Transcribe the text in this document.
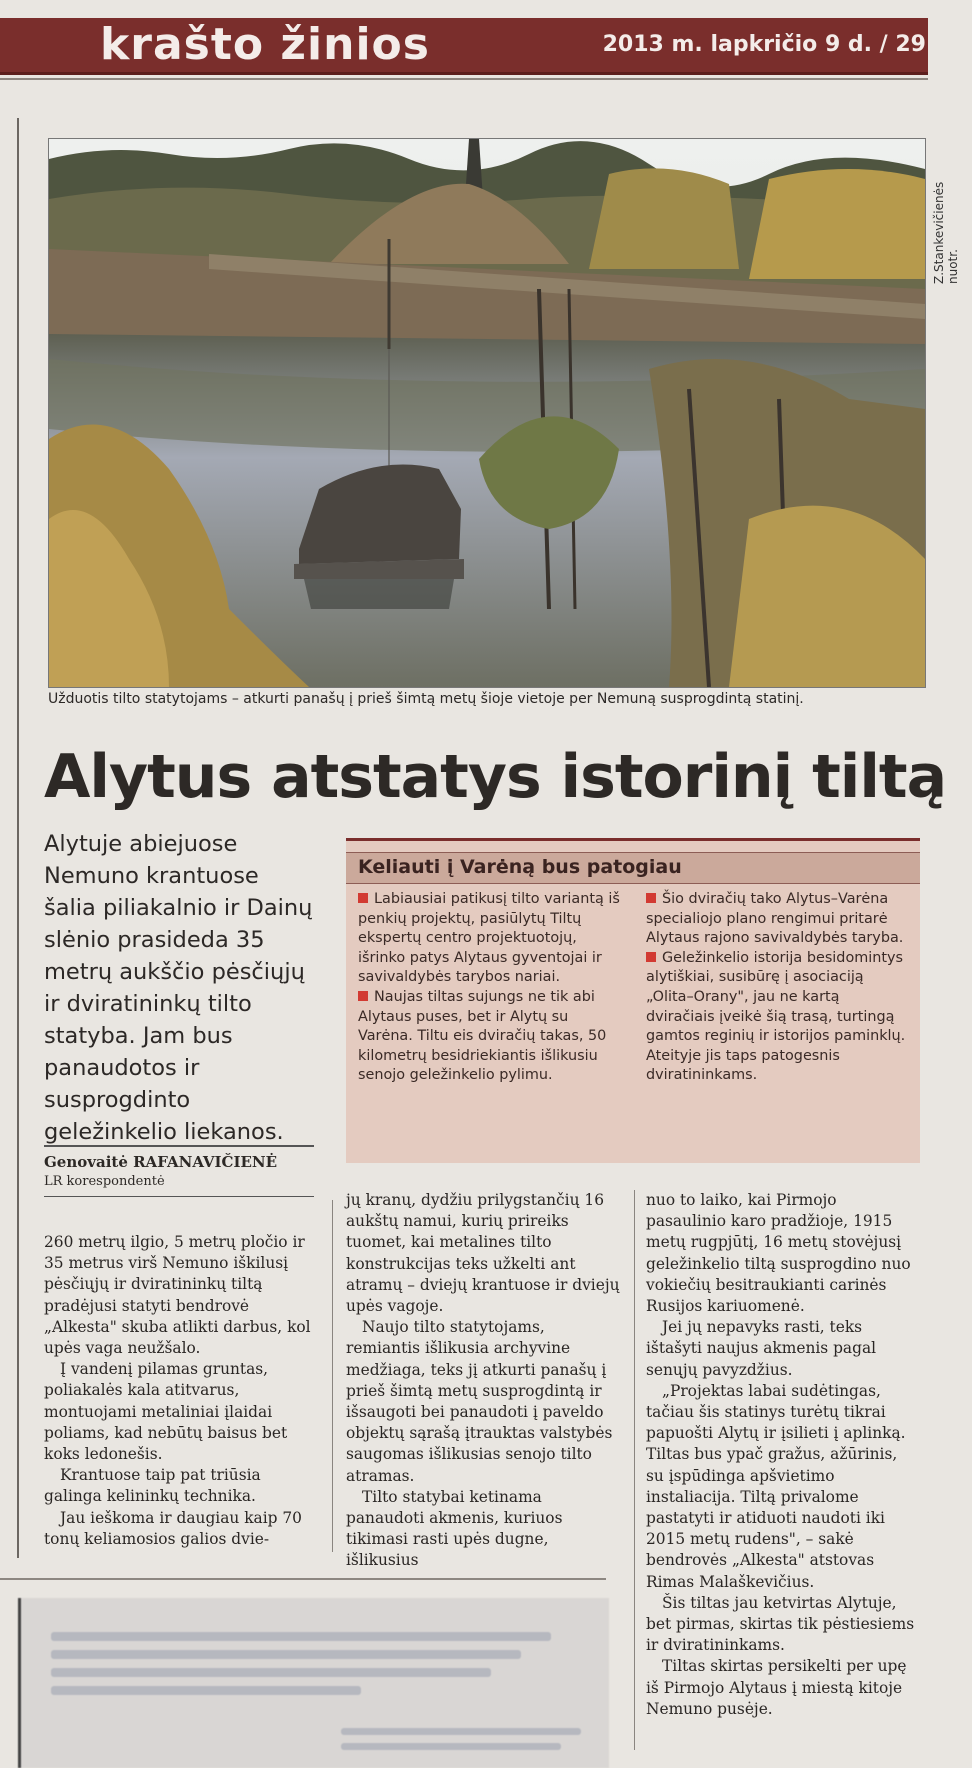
krašto žinios	2013 m. lapkričio 9 d. / 29
Z.Stankevičienės nuotr.
Užduotis tilto statytojams – atkurti panašų į prieš šimtą metų šioje vietoje per Nemuną susprogdintą statinį.
Alytus atstatys istorinį tiltą
Alytuje abiejuose Nemuno krantuose šalia piliakalnio ir Dainų slėnio prasideda 35 metrų aukščio pėsčiųjų ir dviratininkų tilto statyba. Jam bus panaudotos ir susprogdinto geležinkelio liekanos.
Keliauti į Varėną bus patogiau

Labiausiai patikusį tilto variantą iš penkių projektų, pasiūlytų Tiltų ekspertų centro projektuotojų, išrinko patys Alytaus gyventojai ir savivaldybės tarybos nariai.

Naujas tiltas sujungs ne tik abi Alytaus puses, bet ir Alytų su Varėna. Tiltu eis dviračių takas, 50 kilometrų besidriekiantis išlikusiu senojo geležinkelio pylimu.

Šio dviračių tako Alytus–Varėna specialiojo plano rengimui pritarė Alytaus rajono savivaldybės taryba.

Geležinkelio istorija besidomintys alytiškiai, susibūrę į asociaciją „Olita–Orany", jau ne kartą dviračiais įveikė šią trasą, turtingą gamtos reginių ir istorijos paminklų. Ateityje jis taps patogesnis dviratininkams.

Genovaitė RAFANAVIČIENĖ
LR korespondentė

260 metrų ilgio, 5 metrų pločio ir 35 metrus virš Nemuno iškilusį pėsčiųjų ir dviratininkų tiltą pradėjusi statyti bendrovė „Alkesta" skuba atlikti darbus, kol upės vaga neužšalo.

Į vandenį pilamas gruntas, poliakalės kala atitvarus, montuojami metaliniai įlaidai poliams, kad nebūtų baisus bet koks ledonešis.

Krantuose taip pat triūsia galinga kelininkų technika.

Jau ieškoma ir daugiau kaip 70 tonų keliamosios galios dvie-

jų kranų, dydžiu prilygstančių 16 aukštų namui, kurių prireiks tuomet, kai metalines tilto konstrukcijas teks užkelti ant atramų – dviejų krantuose ir dviejų upės vagoje.

Naujo tilto statytojams, remiantis išlikusia archyvine medžiaga, teks jį atkurti panašų į prieš šimtą metų susprogdintą ir išsaugoti bei panaudoti į paveldo objektų sąrašą įtrauktas valstybės saugomas išlikusias senojo tilto atramas.

Tilto statybai ketinama panaudoti akmenis, kuriuos tikimasi rasti upės dugne, išlikusius

nuo to laiko, kai Pirmojo pasaulinio karo pradžioje, 1915 metų rugpjūtį, 16 metų stovėjusį geležinkelio tiltą susprogdino nuo vokiečių besitraukianti carinės Rusijos kariuomenė.

Jei jų nepavyks rasti, teks ištašyti naujus akmenis pagal senųjų pavyzdžius.

„Projektas labai sudėtingas, tačiau šis statinys turėtų tikrai papuošti Alytų ir įsilieti į aplinką. Tiltas bus ypač gražus, ažūrinis, su įspūdinga apšvietimo instaliacija. Tiltą privalome pastatyti ir atiduoti naudoti iki 2015 metų rudens", – sakė bendrovės „Alkesta" atstovas Rimas Malaškevičius.

Šis tiltas jau ketvirtas Alytuje, bet pirmas, skirtas tik pėstiesiems ir dviratininkams.

Tiltas skirtas persikelti per upę iš Pirmojo Alytaus į miestą kitoje Nemuno pusėje.
